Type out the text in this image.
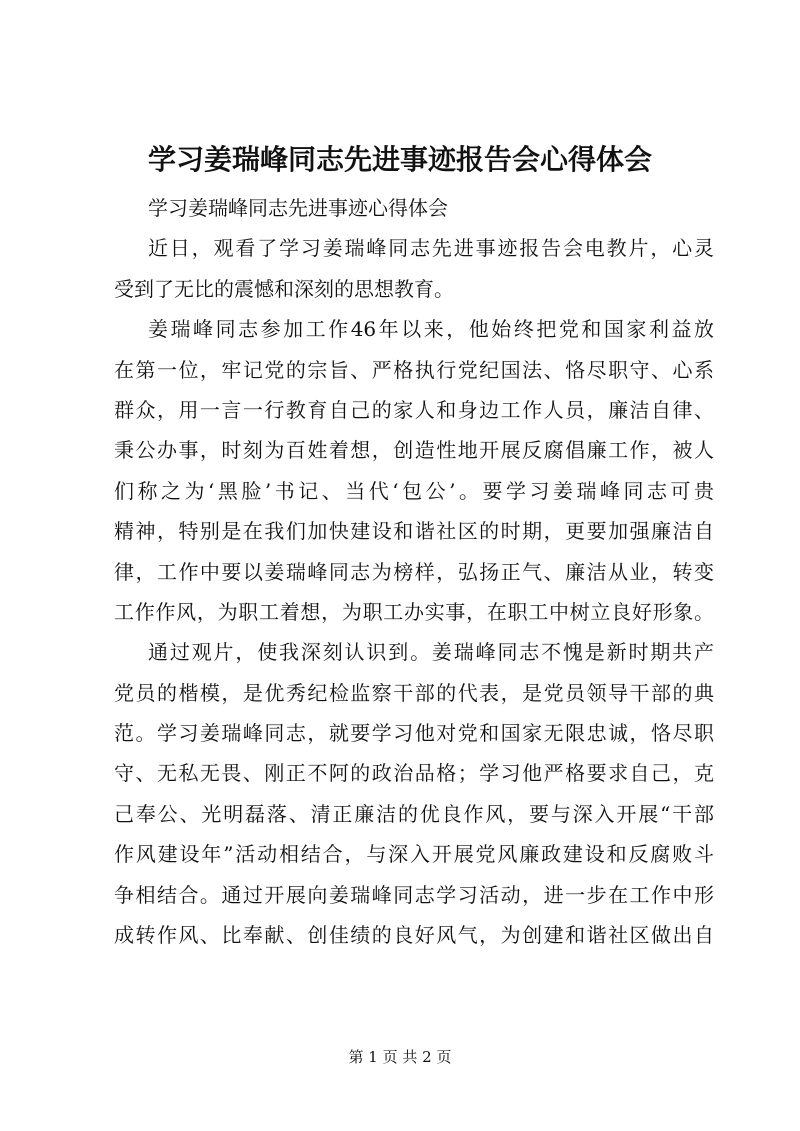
学习姜瑞峰同志先进事迹报告会心得体会
学习姜瑞峰同志先进事迹心得体会
近日，观看了学习姜瑞峰同志先进事迹报告会电教片，心灵
受到了无比的震憾和深刻的思想教育。
姜瑞峰同志参加工作46年以来，他始终把党和国家利益放
在第一位，牢记党的宗旨、严格执行党纪国法、恪尽职守、心系
群众，用一言一行教育自己的家人和身边工作人员，廉洁自律、
秉公办事，时刻为百姓着想，创造性地开展反腐倡廉工作，被人
们称之为‘黑脸’书记、当代‘包公’。要学习姜瑞峰同志可贵
精神，特别是在我们加快建设和谐社区的时期，更要加强廉洁自
律，工作中要以姜瑞峰同志为榜样，弘扬正气、廉洁从业，转变
工作作风，为职工着想，为职工办实事，在职工中树立良好形象。
通过观片，使我深刻认识到。姜瑞峰同志不愧是新时期共产
党员的楷模，是优秀纪检监察干部的代表，是党员领导干部的典
范。学习姜瑞峰同志，就要学习他对党和国家无限忠诚，恪尽职
守、无私无畏、刚正不阿的政治品格；学习他严格要求自己，克
己奉公、光明磊落、清正廉洁的优良作风，要与深入开展“干部
作风建设年”活动相结合，与深入开展党风廉政建设和反腐败斗
争相结合。通过开展向姜瑞峰同志学习活动，进一步在工作中形
成转作风、比奉献、创佳绩的良好风气，为创建和谐社区做出自
第 1 页 共 2 页
